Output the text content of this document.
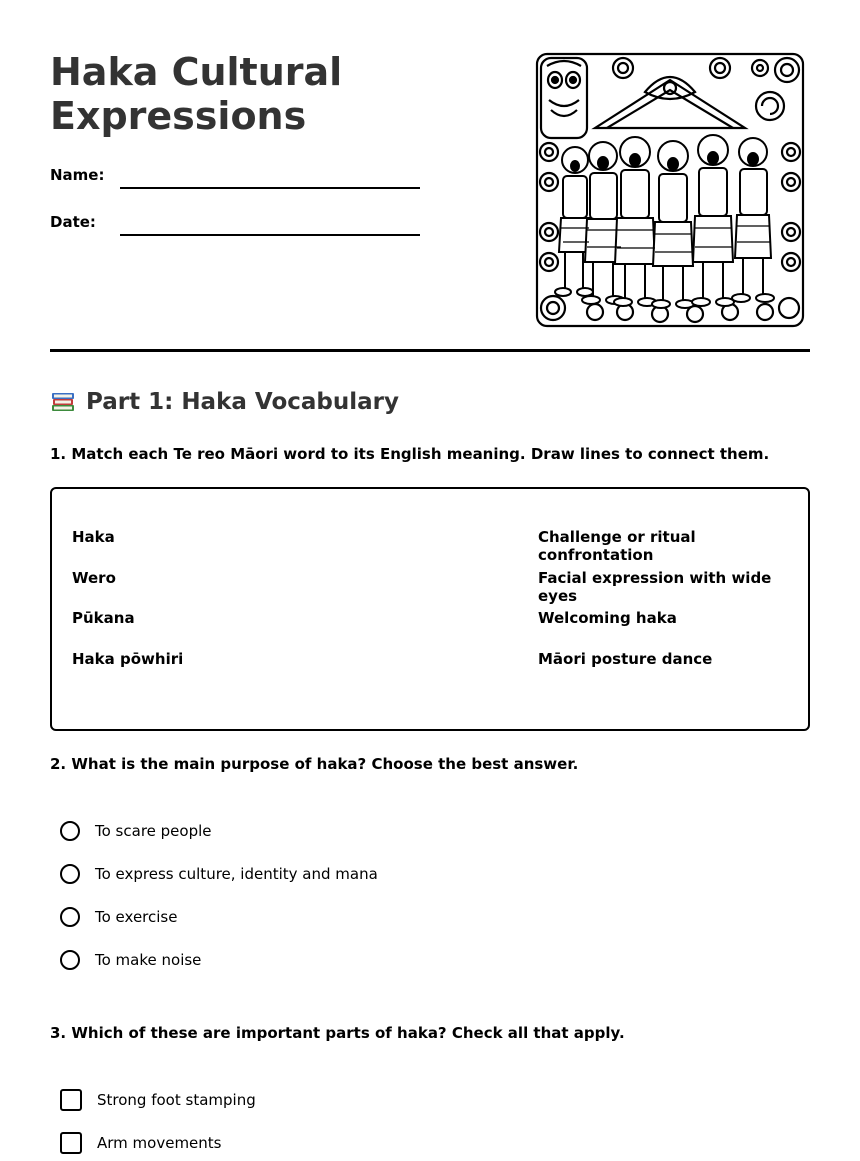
Haka Cultural Expressions
Name:
Date:
Part 1: Haka Vocabulary
1. Match each Te reo Māori word to its English meaning. Draw lines to connect them.
Haka
Wero
Pūkana
Haka pōwhiri
Challenge or ritual confrontation
Facial expression with wide eyes
Welcoming haka
Māori posture dance
2. What is the main purpose of haka? Choose the best answer.
To scare people
To express culture, identity and mana
To exercise
To make noise
3. Which of these are important parts of haka? Check all that apply.
Strong foot stamping
Arm movements
